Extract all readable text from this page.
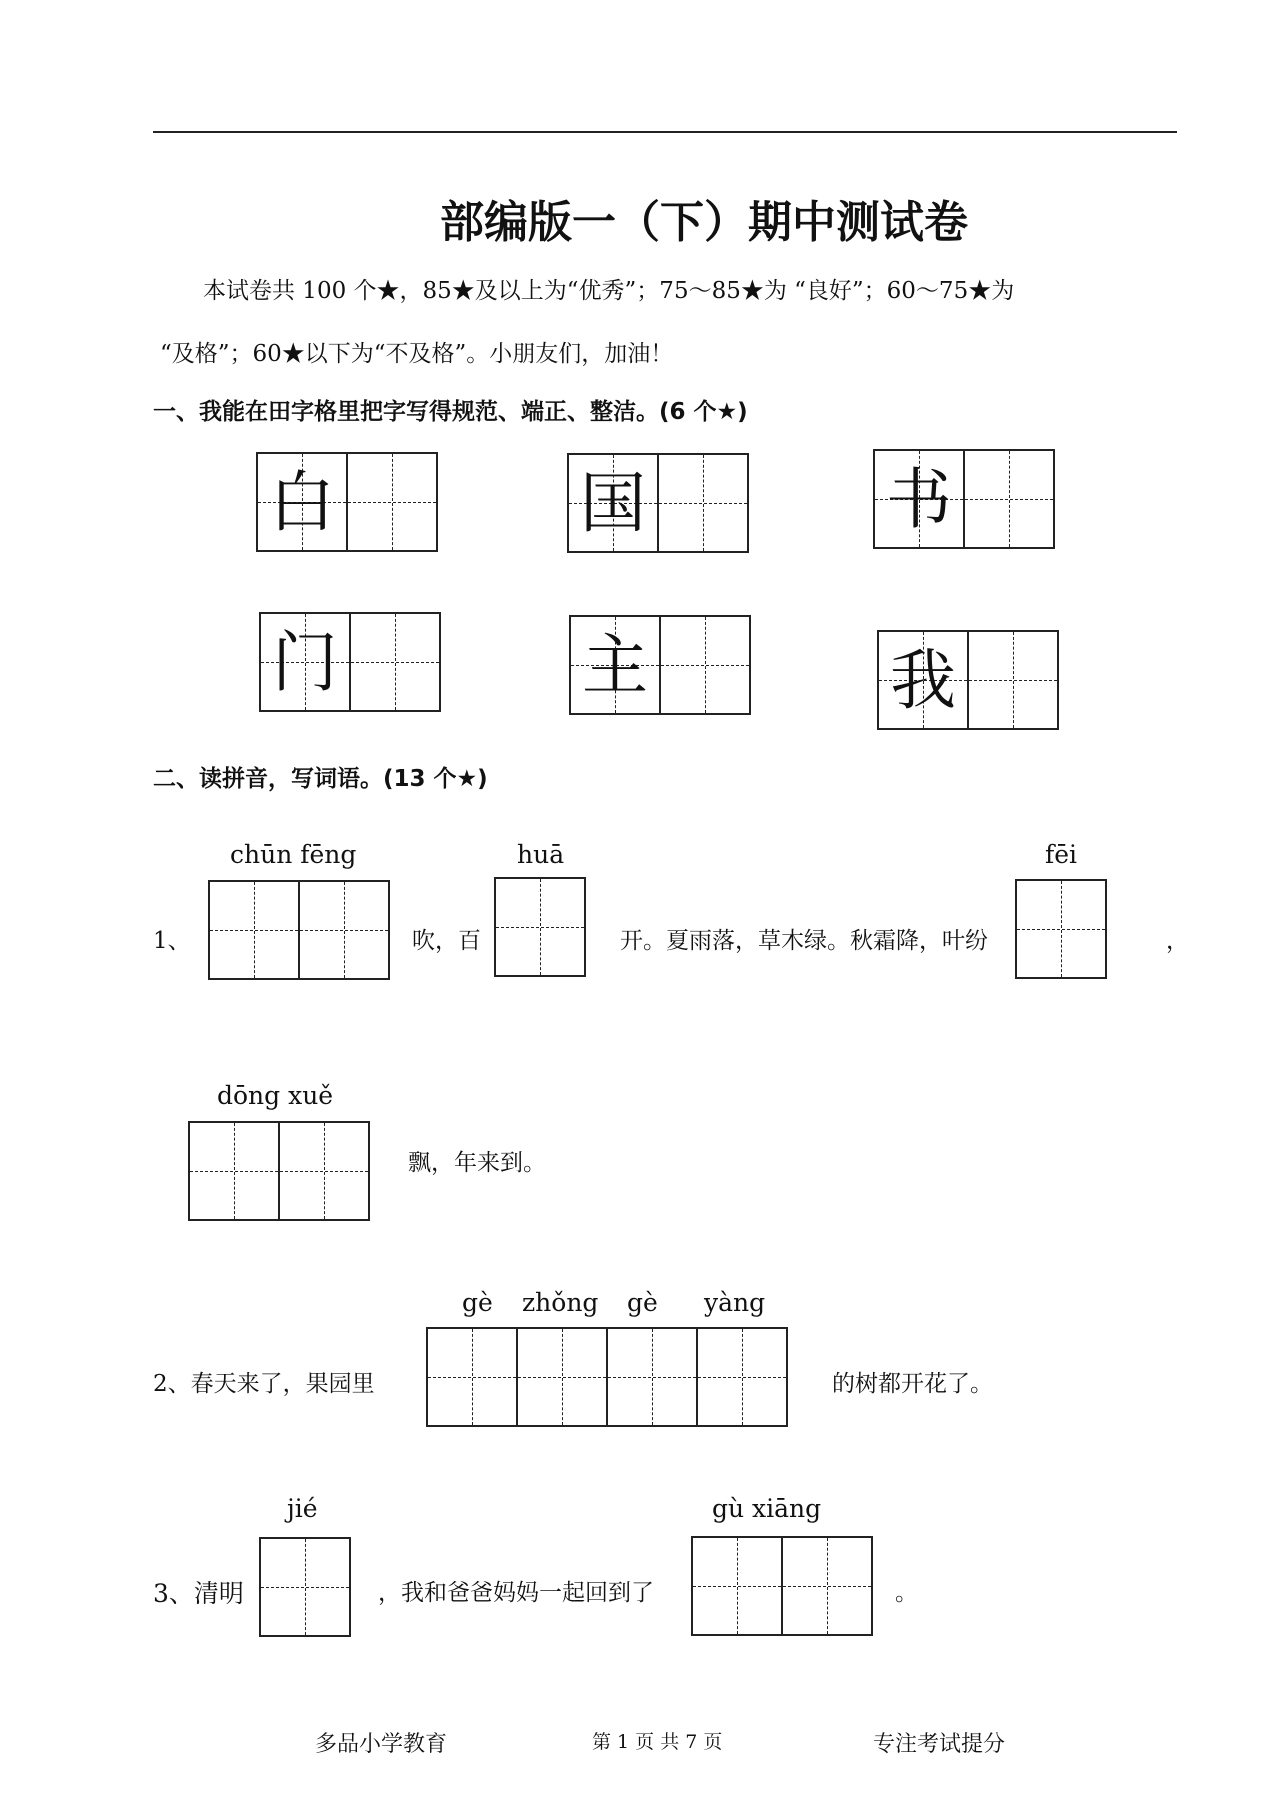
部编版一（下）期中测试卷
本试卷共 100 个★，85★及以上为“优秀”；75～85★为 “良好”；60～75★为
“及格”；60★以下为“不及格”。小朋友们，加油！
一、我能在田字格里把字写得规范、端正、整洁。(6 个★)
白	国	书
门	主	我
二、读拼音，写词语。(13 个★)
chūn fēng
1、	吹，百
huā
开。夏雨落，草木绿。秋霜降，叶纷
fēi
，
dōng xuě
飘，年来到。
gè zhǒng gè yàng
2、春天来了，果园里	的树都开花了。
jié
3、清明	，我和爸爸妈妈一起回到了
gù xiāng
。
多品小学教育	第 1 页 共 7 页	专注考试提分
